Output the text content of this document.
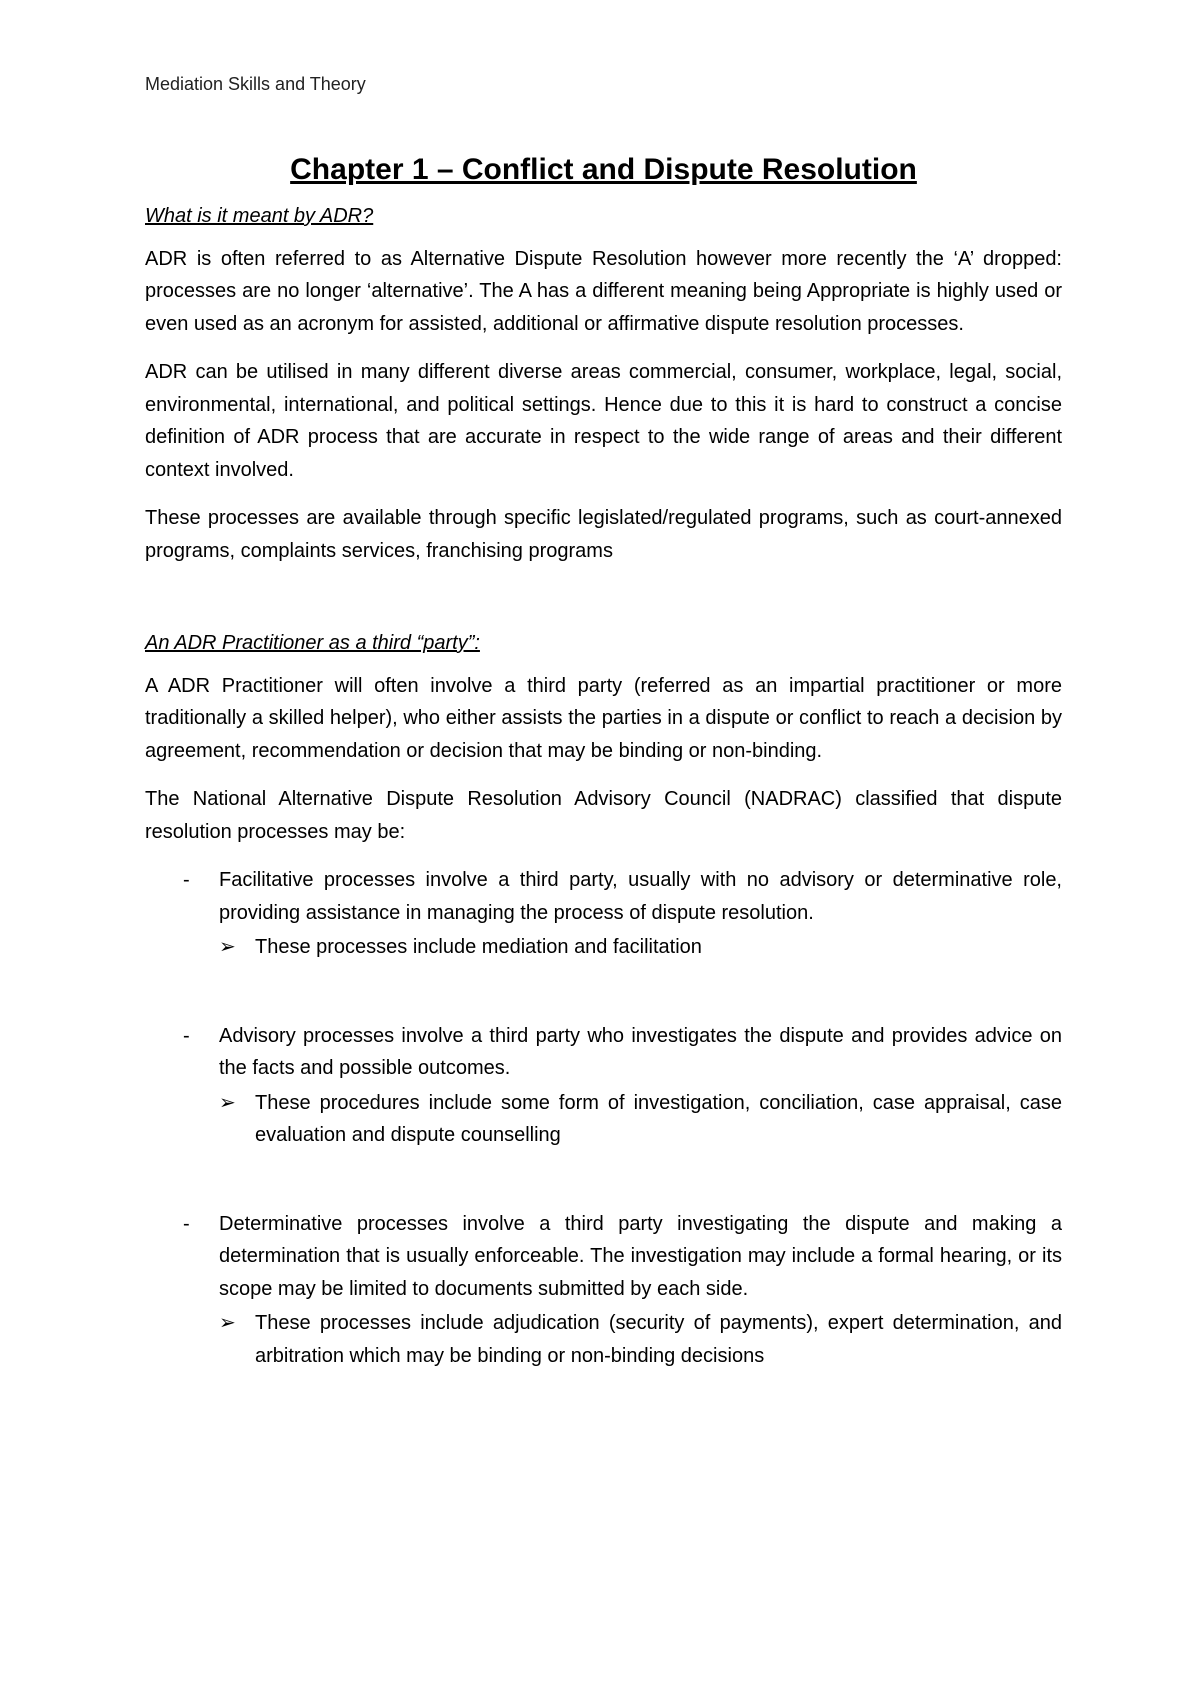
Mediation Skills and Theory
Chapter 1 – Conflict and Dispute Resolution
What is it meant by ADR?

ADR is often referred to as Alternative Dispute Resolution however more recently the ‘A’ dropped: processes are no longer ‘alternative’. The A has a different meaning being Appropriate is highly used or even used as an acronym for assisted, additional or affirmative dispute resolution processes.

ADR can be utilised in many different diverse areas commercial, consumer, workplace, legal, social, environmental, international, and political settings. Hence due to this it is hard to construct a concise definition of ADR process that are accurate in respect to the wide range of areas and their different context involved.

These processes are available through specific legislated/regulated programs, such as court-annexed programs, complaints services, franchising programs

An ADR Practitioner as a third “party”:

A ADR Practitioner will often involve a third party (referred as an impartial practitioner or more traditionally a skilled helper), who either assists the parties in a dispute or conflict to reach a decision by agreement, recommendation or decision that may be binding or non-binding.

The National Alternative Dispute Resolution Advisory Council (NADRAC) classified that dispute resolution processes may be:

- Facilitative processes involve a third party, usually with no advisory or determinative role, providing assistance in managing the process of dispute resolution.
➢ These processes include mediation and facilitation
- Advisory processes involve a third party who investigates the dispute and provides advice on the facts and possible outcomes.
➢ These procedures include some form of investigation, conciliation, case appraisal, case evaluation and dispute counselling
- Determinative processes involve a third party investigating the dispute and making a determination that is usually enforceable. The investigation may include a formal hearing, or its scope may be limited to documents submitted by each side.
➢ These processes include adjudication (security of payments), expert determination, and arbitration which may be binding or non-binding decisions
